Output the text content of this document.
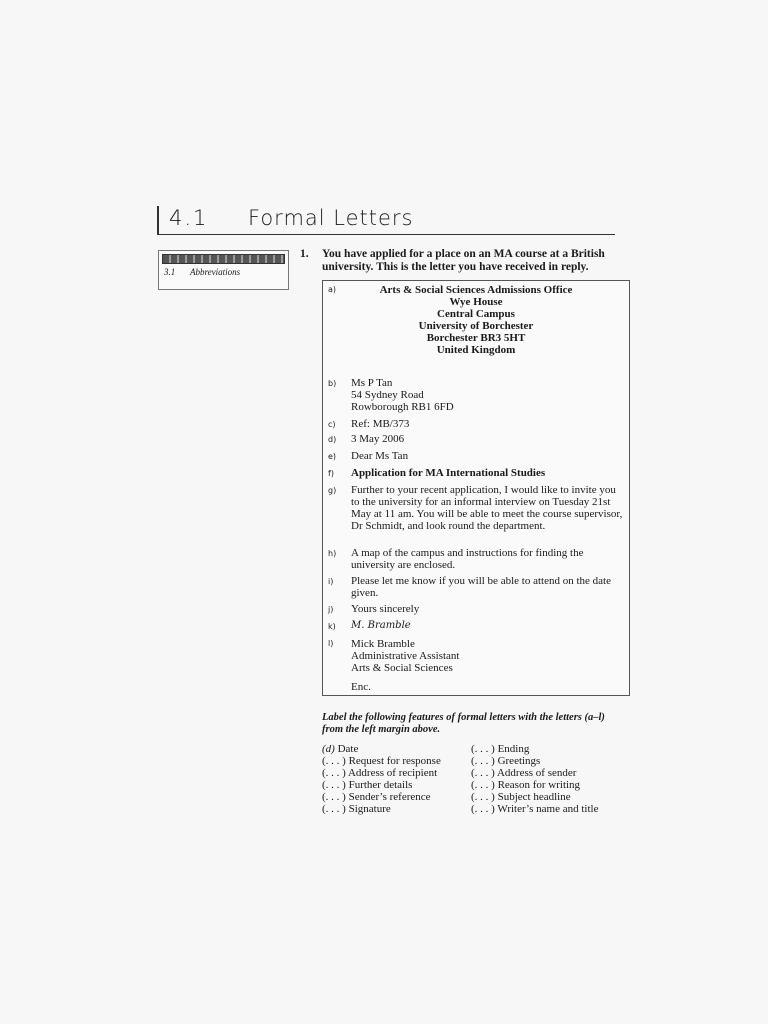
4.1 Formal Letters
3.1 Abbreviations
1. You have applied for a place on an MA course at a British university. This is the letter you have received in reply.
a)	Arts & Social Sciences Admissions Office
Wye House
Central Campus
University of Borchester
Borchester BR3 5HT
United Kingdom
b) Ms P Tan
54 Sydney Road
Rowborough RB1 6FD
c) Ref: MB/373
d) 3 May 2006
e) Dear Ms Tan
f) Application for MA International Studies
g) Further to your recent application, I would like to invite you to the university for an informal interview on Tuesday 21st May at 11 am. You will be able to meet the course supervisor, Dr Schmidt, and look round the department.
h) A map of the campus and instructions for finding the university are enclosed.
i) Please let me know if you will be able to attend on the date given.
j) Yours sincerely
k) M. Bramble
l) Mick Bramble
Administrative Assistant
Arts & Social Sciences
Enc.
Label the following features of formal letters with the letters (a–l) from the left margin above.
(d) Date
(. . . ) Request for response
(. . . ) Address of recipient
(. . . ) Further details
(. . . ) Sender’s reference
(. . . ) Signature
(. . . ) Ending
(. . . ) Greetings
(. . . ) Address of sender
(. . . ) Reason for writing
(. . . ) Subject headline
(. . . ) Writer’s name and title
